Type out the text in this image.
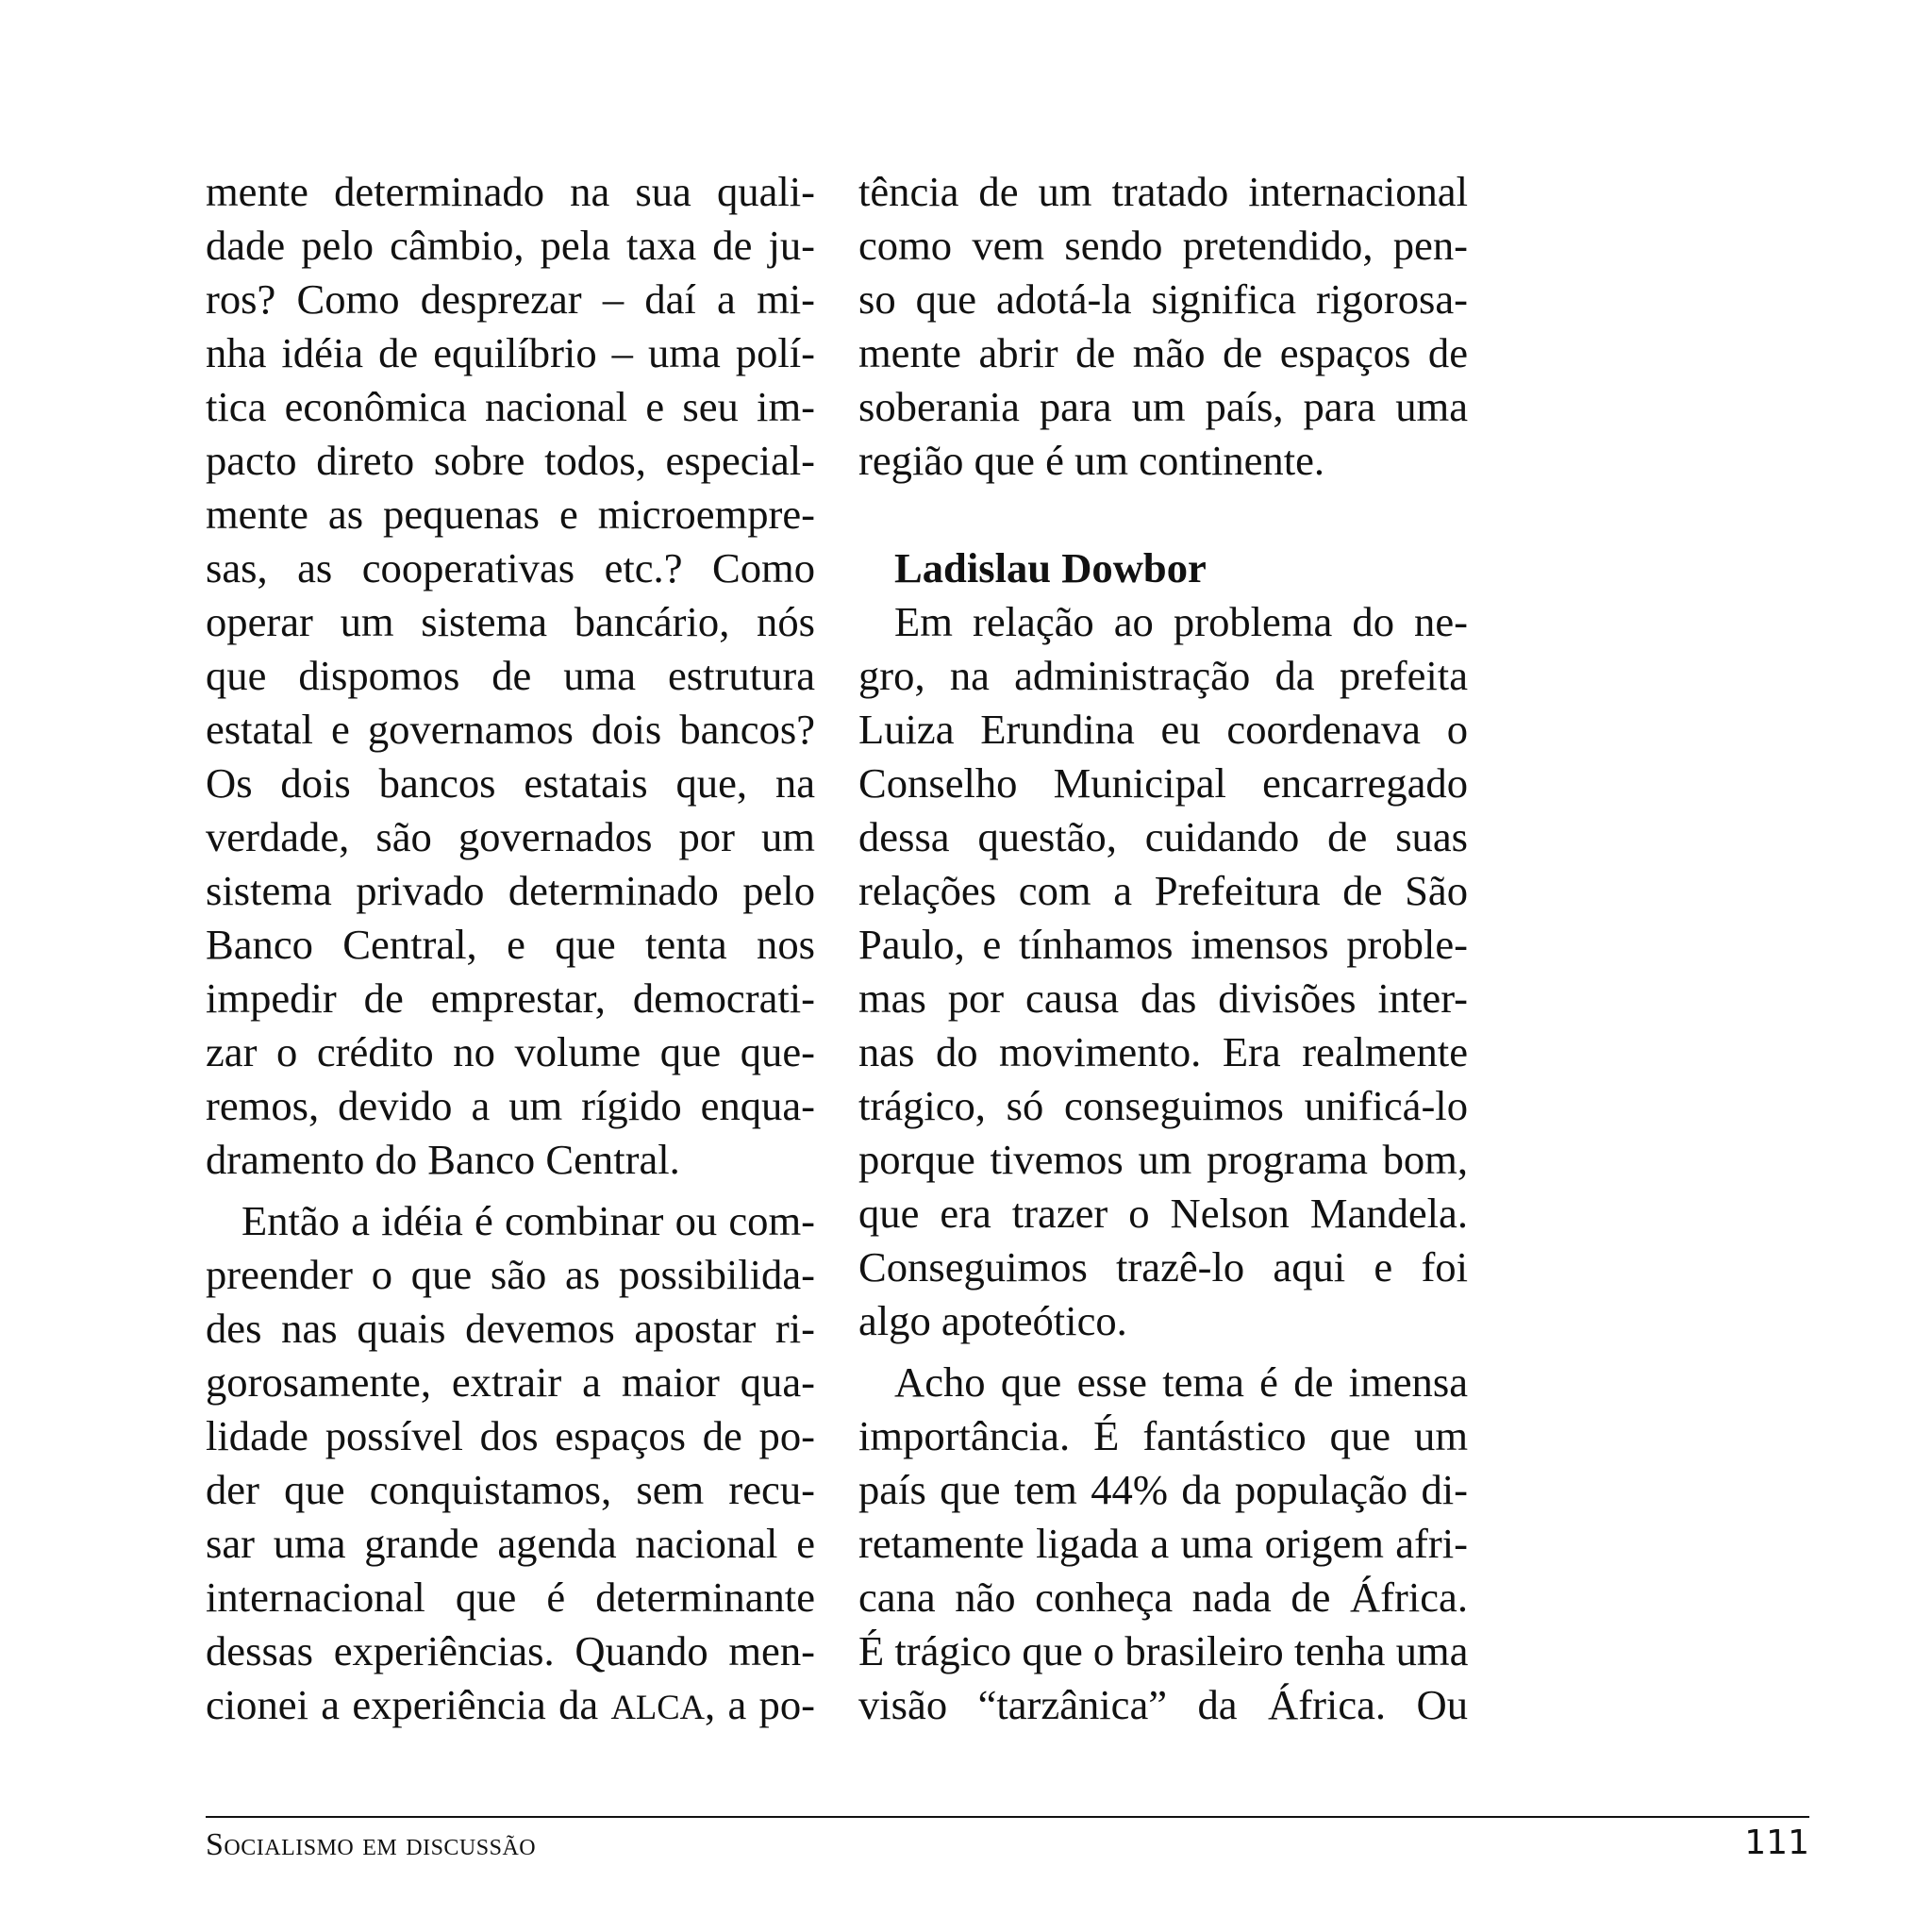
mente determinado na sua quali-
dade pelo câmbio, pela taxa de ju-
ros? Como desprezar – daí a mi-
nha idéia de equilíbrio – uma polí-
tica econômica nacional e seu im-
pacto direto sobre todos, especial-
mente as pequenas e microempre-
sas, as cooperativas etc.? Como
operar um sistema bancário, nós
que dispomos de uma estrutura
estatal e governamos dois bancos?
Os dois bancos estatais que, na
verdade, são governados por um
sistema privado determinado pelo
Banco Central, e que tenta nos
impedir de emprestar, democrati-
zar o crédito no volume que que-
remos, devido a um rígido enqua-
dramento do Banco Central.
Então a idéia é combinar ou com-
preender o que são as possibilida-
des nas quais devemos apostar ri-
gorosamente, extrair a maior qua-
lidade possível dos espaços de po-
der que conquistamos, sem recu-
sar uma grande agenda nacional e
internacional que é determinante
dessas experiências. Quando men-
cionei a experiência da ALCA, a po-
tência de um tratado internacional
como vem sendo pretendido, pen-
so que adotá-la significa rigorosa-
mente abrir de mão de espaços de
soberania para um país, para uma
região que é um continente.
Ladislau Dowbor
Em relação ao problema do ne-
gro, na administração da prefeita
Luiza Erundina eu coordenava o
Conselho Municipal encarregado
dessa questão, cuidando de suas
relações com a Prefeitura de São
Paulo, e tínhamos imensos proble-
mas por causa das divisões inter-
nas do movimento. Era realmente
trágico, só conseguimos unificá-lo
porque tivemos um programa bom,
que era trazer o Nelson Mandela.
Conseguimos trazê-lo aqui e foi
algo apoteótico.
Acho que esse tema é de imensa
importância. É fantástico que um
país que tem 44% da população di-
retamente ligada a uma origem afri-
cana não conheça nada de África.
É trágico que o brasileiro tenha uma
visão “tarzânica” da África. Ou
Socialismo em discussão	111
